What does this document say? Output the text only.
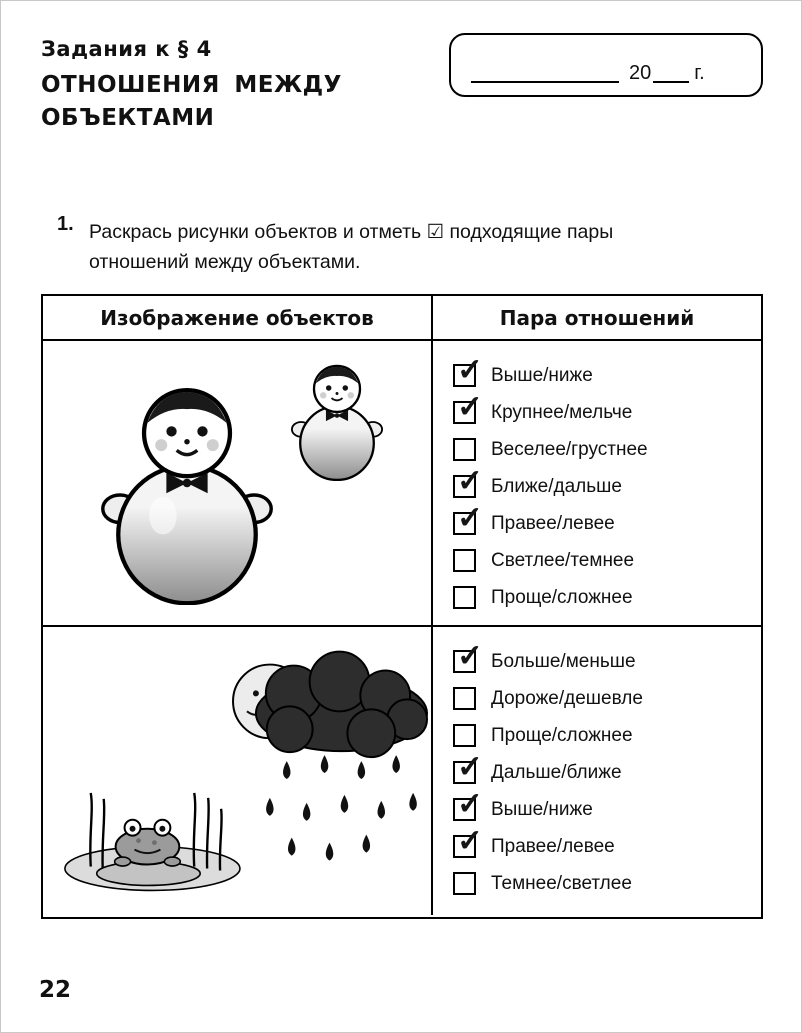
Задания к § 4
ОТНОШЕНИЯ МЕЖДУ
ОБЪЕКТАМИ
20 г.
1. Раскрась рисунки объектов и отметь ☑ подходящие пары
отношений между объектами.
Изображение объектов	Пара отношений
✓ Выше/ниже
✓ Крупнее/мельче
Веселее/грустнее
✓ Ближе/дальше
✓ Правее/левее
Светлее/темнее
Проще/сложнее
✓ Больше/меньше
Дороже/дешевле
Проще/сложнее
✓ Дальше/ближе
✓ Выше/ниже
✓ Правее/левее
Темнее/светлее
22
